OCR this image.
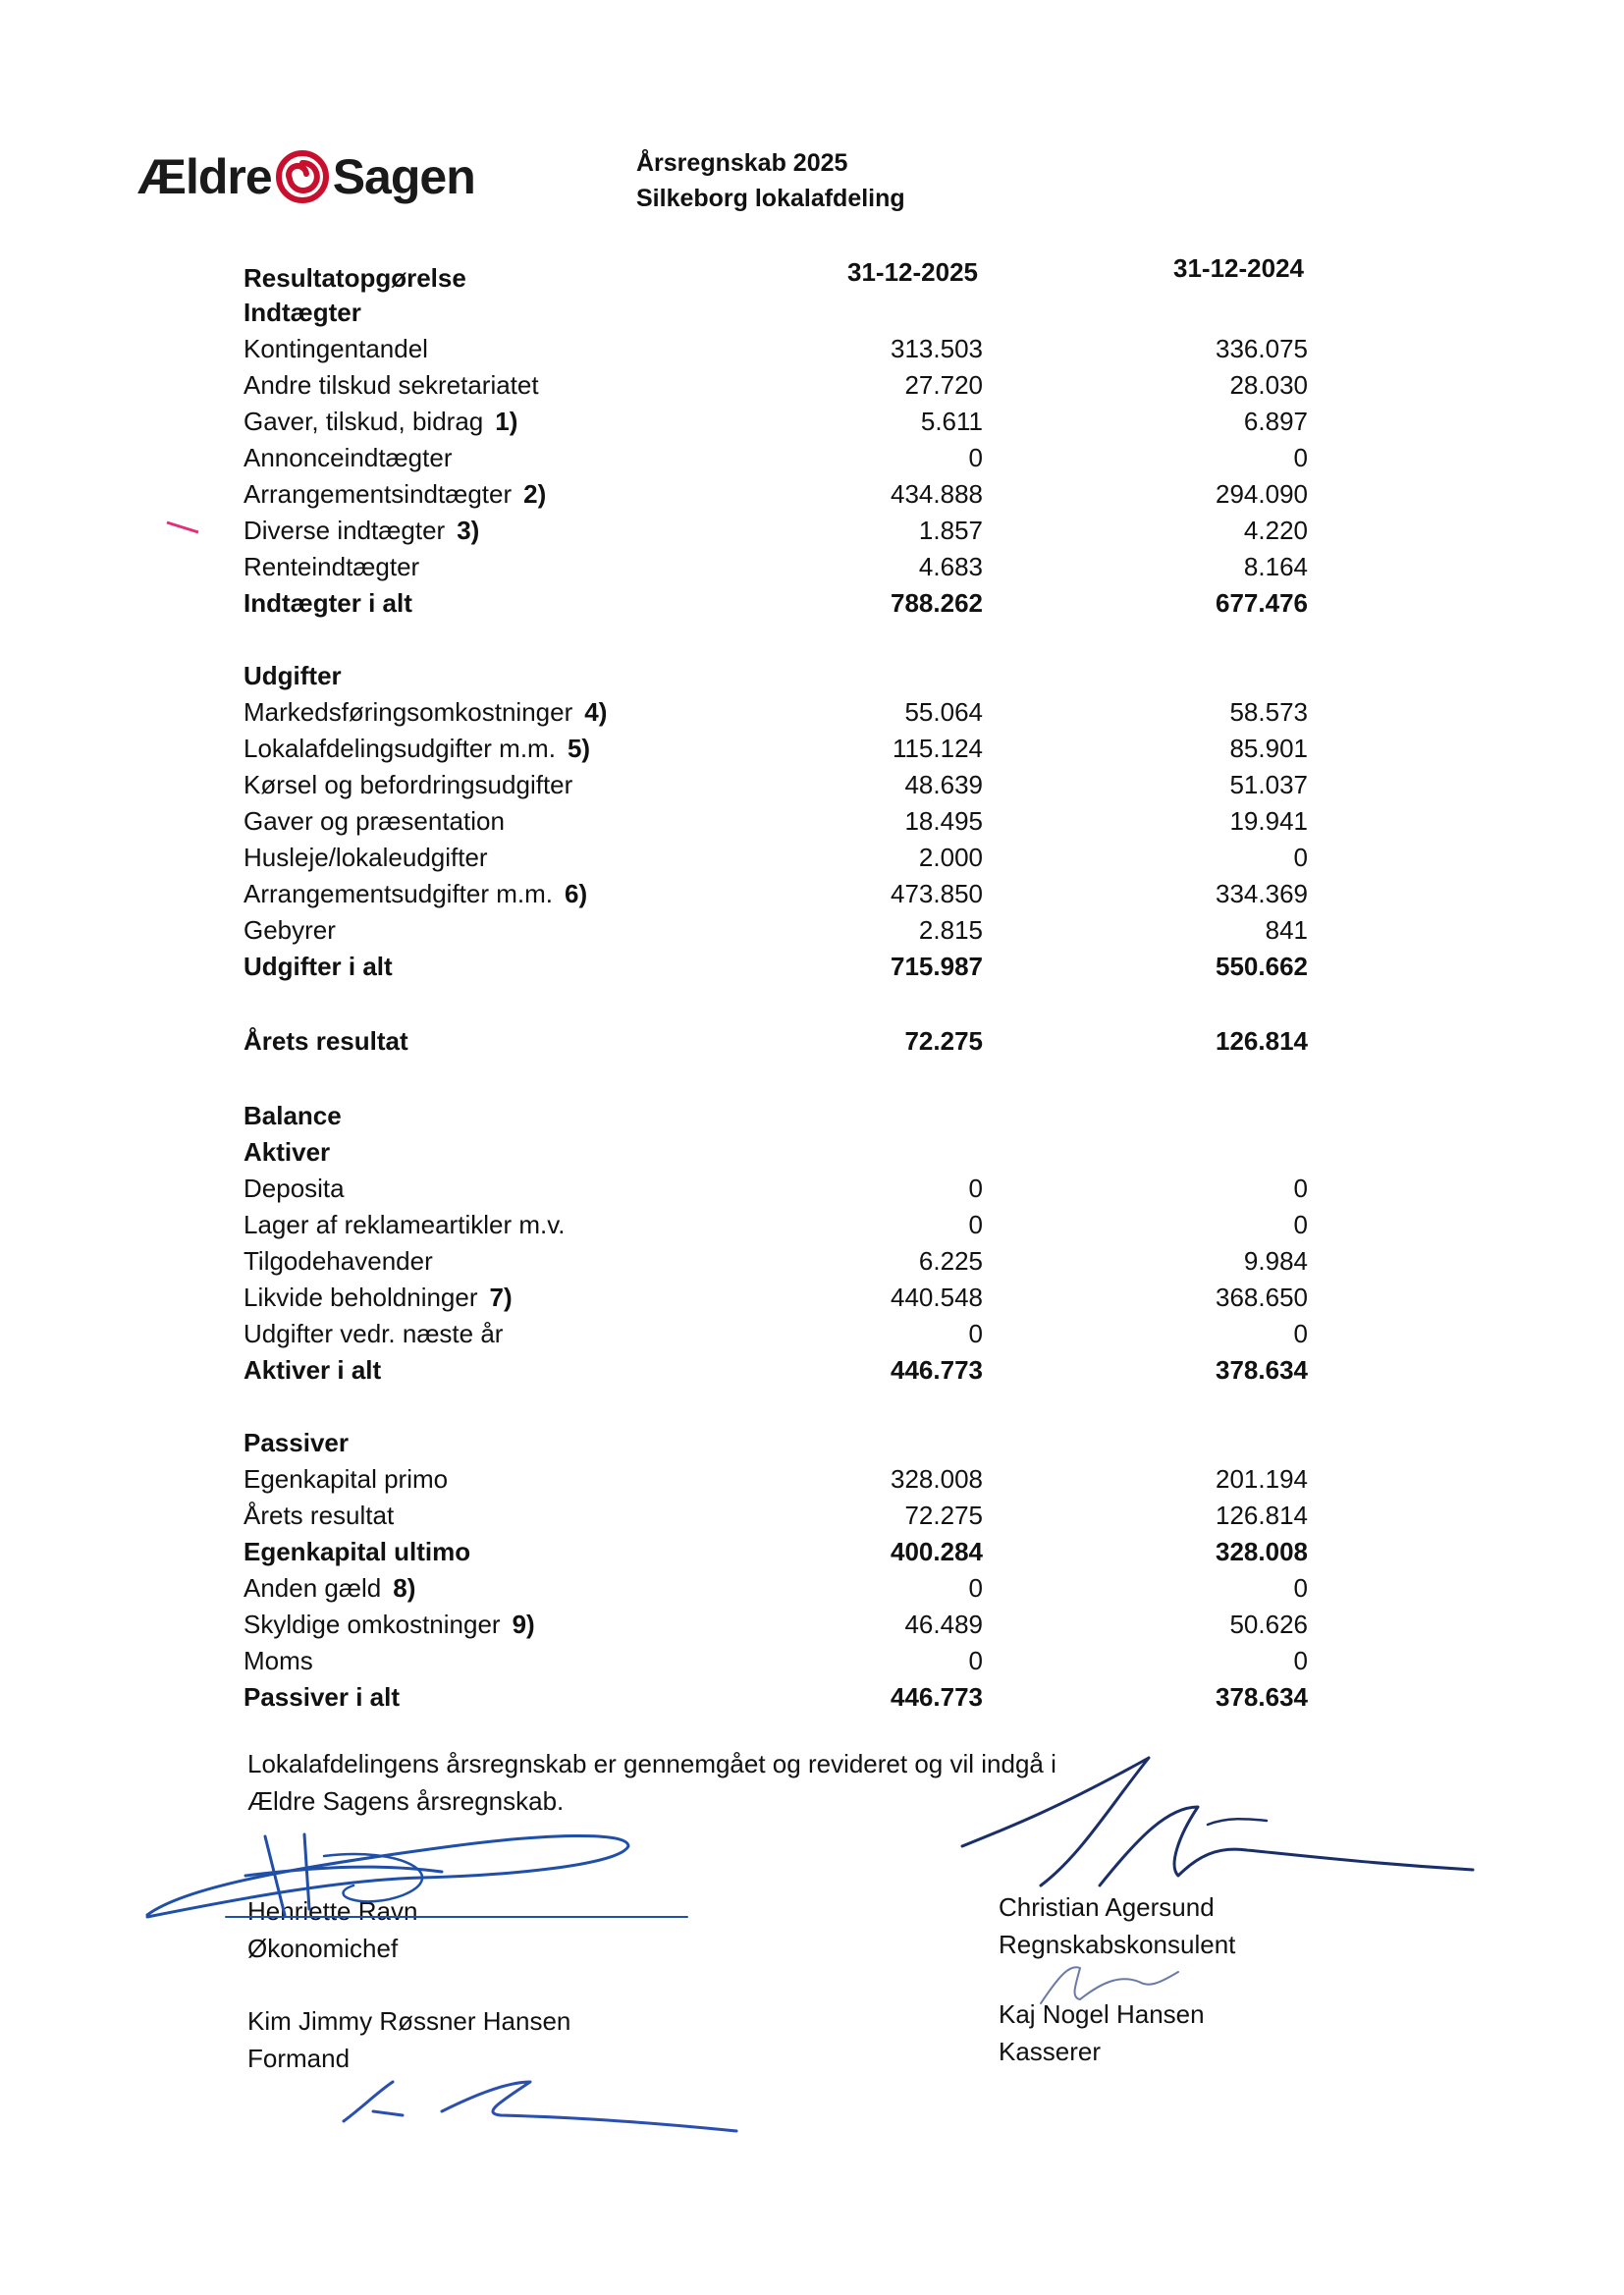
Ældre Sagen	Årsregnskab 2025
Silkeborg lokalafdeling
Resultatopgørelse	31-12-2025	31-12-2024
Indtægter
Kontingentandel	313.503	336.075
Andre tilskud sekretariatet	27.720	28.030
Gaver, tilskud, bidrag 1)	5.611	6.897
Annonceindtægter	0	0
Arrangementsindtægter 2)	434.888	294.090
Diverse indtægter 3)	1.857	4.220
Renteindtægter	4.683	8.164
Indtægter i alt	788.262	677.476
Udgifter
Markedsføringsomkostninger 4)	55.064	58.573
Lokalafdelingsudgifter m.m. 5)	115.124	85.901
Kørsel og befordringsudgifter	48.639	51.037
Gaver og præsentation	18.495	19.941
Husleje/lokaleudgifter	2.000	0
Arrangementsudgifter m.m. 6)	473.850	334.369
Gebyrer	2.815	841
Udgifter i alt	715.987	550.662
Årets resultat	72.275	126.814
Balance
Aktiver
Deposita	0	0
Lager af reklameartikler m.v.	0	0
Tilgodehavender	6.225	9.984
Likvide beholdninger 7)	440.548	368.650
Udgifter vedr. næste år	0	0
Aktiver i alt	446.773	378.634
Passiver
Egenkapital primo	328.008	201.194
Årets resultat	72.275	126.814
Egenkapital ultimo	400.284	328.008
Anden gæld 8)	0	0
Skyldige omkostninger 9)	46.489	50.626
Moms	0	0
Passiver i alt	446.773	378.634
Lokalafdelingens årsregnskab er gennemgået og revideret og vil indgå i
Ældre Sagens årsregnskab.
Henriette Ravn
Økonomichef
Christian Agersund
Regnskabskonsulent
Kim Jimmy Røssner Hansen
Formand
Kaj Nogel Hansen
Kasserer
